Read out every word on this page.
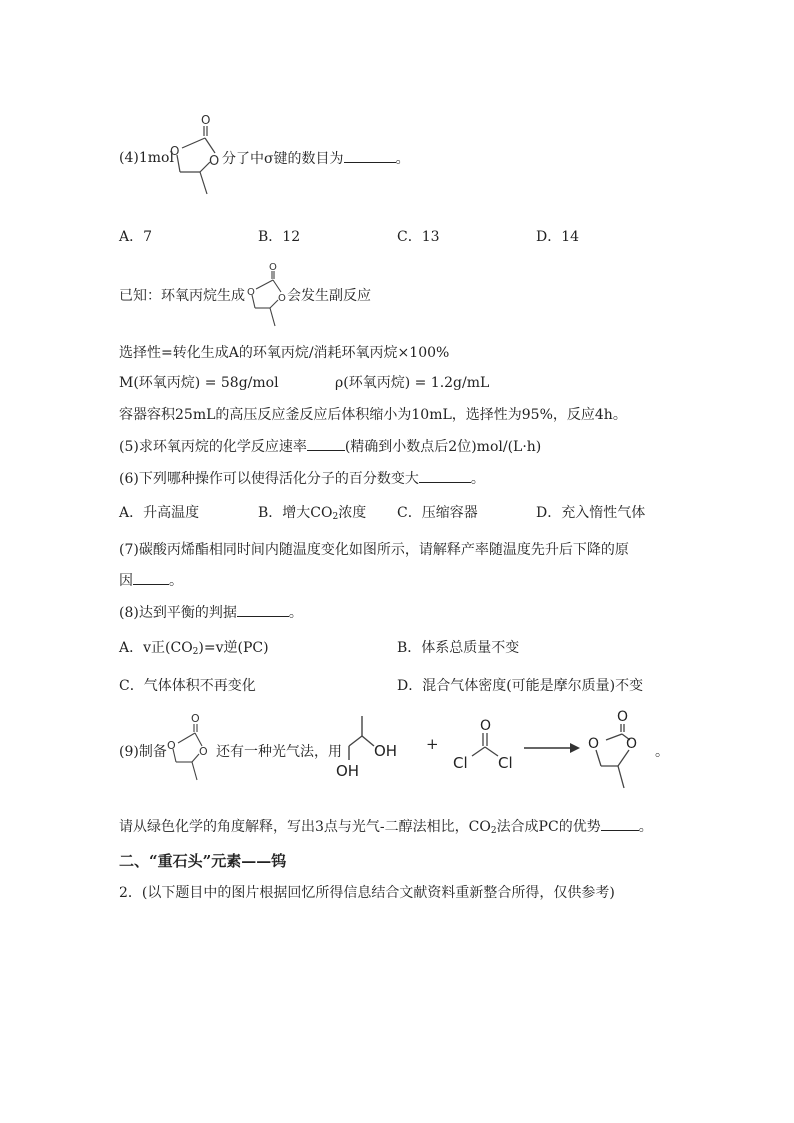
(4)1mol
O
O
O 分了中σ键的数目为	。
A．7	B．12	C．13	D．14
已知：环氧丙烷生成
O
O
O 会发生副反应
选择性=转化生成A的环氧丙烷/消耗环氧丙烷×100%
M(环氧丙烷) = 58g/mol	ρ(环氧丙烷) = 1.2g/mL
容器容积25mL的高压反应釜反应后体积缩小为10mL，选择性为95%，反应4h。
(5)求环氧丙烷的化学反应速率	(精确到小数点后2位)mol/(L·h)
(6)下列哪种操作可以使得活化分子的百分数变大	。
A．升高温度	B．增大$CO_2$浓度 C．压缩容器	D．充入惰性气体
(7)碳酸丙烯酯相同时间内随温度变化如图所示，请解释产率随温度先升后下降的原
因	。
(8)达到平衡的判据	。
A．v正$(CO_2)=v$逆(PC)	B．体系总质量不变
C．气体体积不再变化	D．混合气体密度(可能是摩尔质量)不变
(9)制备
O
O O 还有一种光气法，用 OH
OH
+
O
Cl Cl
O
O O 。
请从绿色化学的角度解释，写出3点与光气-二醇法相比，$CO_2$法合成PC的优势	。
二、“重石头”元素——钨
2．(以下题目中的图片根据回忆所得信息结合文献资料重新整合所得，仅供参考)
